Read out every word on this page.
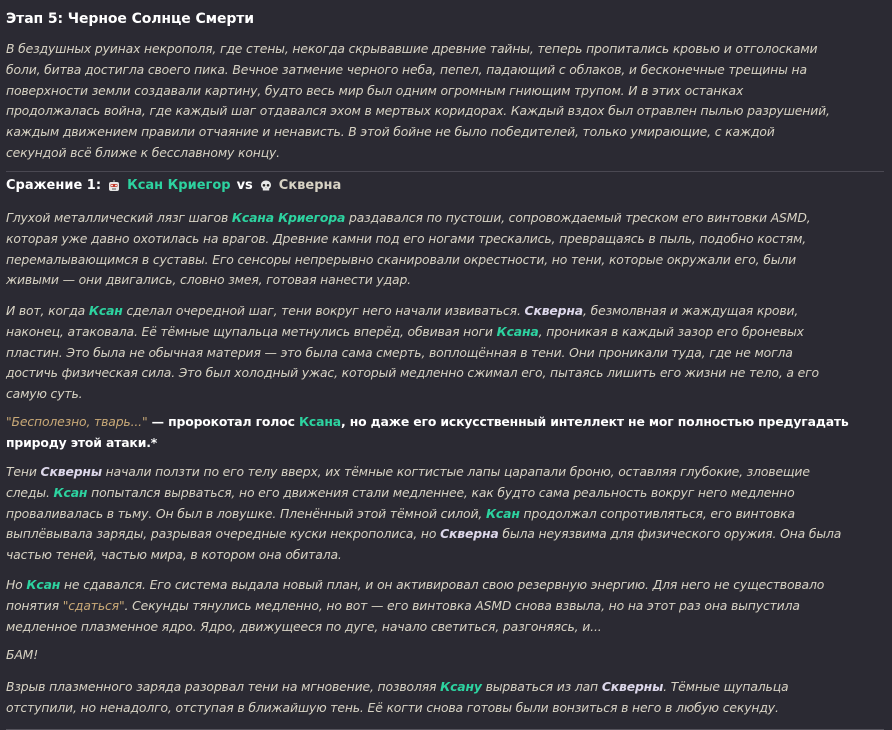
Этап 5: Черное Солнце Смерти

В бездушных руинах некрополя, где стены, некогда скрывавшие древние тайны, теперь пропитались кровью и отголосками
боли, битва достигла своего пика. Вечное затмение черного неба, пепел, падающий с облаков, и бесконечные трещины на
поверхности земли создавали картину, будто весь мир был одним огромным гниющим трупом. И в этих останках
продолжалась война, где каждый шаг отдавался эхом в мертвых коридорах. Каждый вздох был отравлен пылью разрушений,
каждым движением правили отчаяние и ненависть. В этой бойне не было победителей, только умирающие, с каждой
секундой всё ближе к бесславному концу.

Сражение 1: Ксан Криегор vs Скверна

Глухой металлический лязг шагов Ксана Криегора раздавался по пустоши, сопровождаемый треском его винтовки ASMD,
которая уже давно охотилась на врагов. Древние камни под его ногами трескались, превращаясь в пыль, подобно костям,
перемалывающимся в суставы. Его сенсоры непрерывно сканировали окрестности, но тени, которые окружали его, были
живыми — они двигались, словно змея, готовая нанести удар.

И вот, когда Ксан сделал очередной шаг, тени вокруг него начали извиваться. Скверна, безмолвная и жаждущая крови,
наконец, атаковала. Её тёмные щупальца метнулись вперёд, обвивая ноги Ксана, проникая в каждый зазор его броневых
пластин. Это была не обычная материя — это была сама смерть, воплощённая в тени. Они проникали туда, где не могла
достичь физическая сила. Это был холодный ужас, который медленно сжимал его, пытаясь лишить его жизни не тело, а его
самую суть.

"Бесполезно, тварь..." — пророкотал голос Ксана, но даже его искусственный интеллект не мог полностью предугадать
природу этой атаки.*

Тени Скверны начали ползти по его телу вверх, их тёмные когтистые лапы царапали броню, оставляя глубокие, зловещие
следы. Ксан попытался вырваться, но его движения стали медленнее, как будто сама реальность вокруг него медленно
проваливалась в тьму. Он был в ловушке. Пленённый этой тёмной силой, Ксан продолжал сопротивляться, его винтовка
выплёвывала заряды, разрывая очередные куски некрополиса, но Скверна была неуязвима для физического оружия. Она была
частью теней, частью мира, в котором она обитала.

Но Ксан не сдавался. Его система выдала новый план, и он активировал свою резервную энергию. Для него не существовало
понятия "сдаться". Секунды тянулись медленно, но вот — его винтовка ASMD снова взвыла, но на этот раз она выпустила
медленное плазменное ядро. Ядро, движущееся по дуге, начало светиться, разгоняясь, и...

БАМ!

Взрыв плазменного заряда разорвал тени на мгновение, позволяя Ксану вырваться из лап Скверны. Тёмные щупальца
отступили, но ненадолго, отступая в ближайшую тень. Её когти снова готовы были вонзиться в него в любую секунду.
